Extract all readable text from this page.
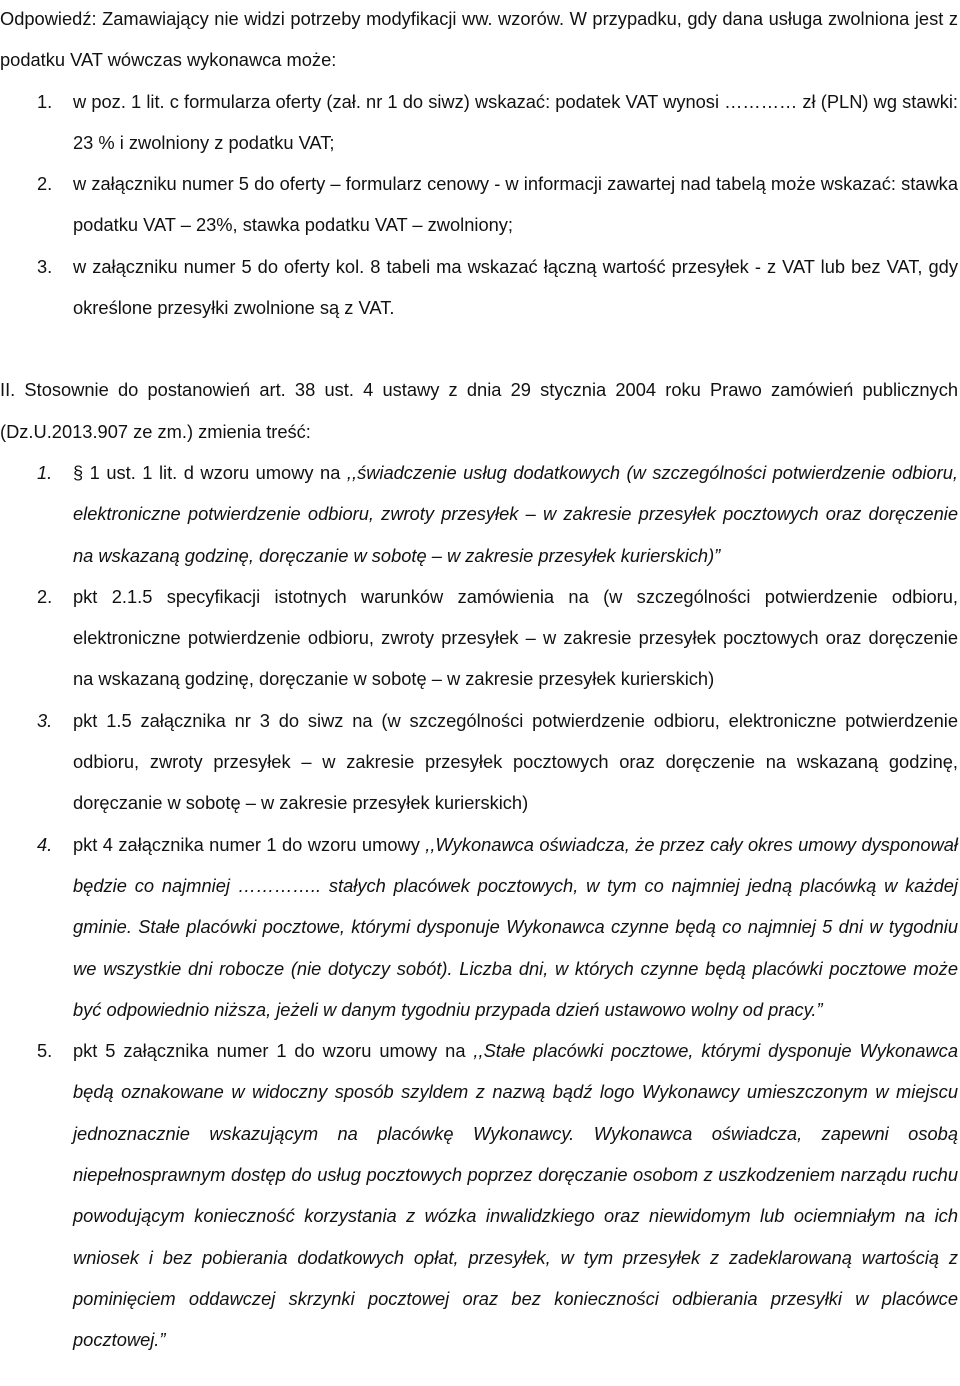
Odpowiedź: Zamawiający nie widzi potrzeby modyfikacji ww. wzorów. W przypadku, gdy dana usługa zwolniona jest z podatku VAT wówczas wykonawca może:

1. w poz. 1 lit. c formularza oferty (zał. nr 1 do siwz) wskazać: podatek VAT wynosi ………… zł (PLN) wg stawki: 23 % i zwolniony z podatku VAT;

2. w załączniku numer 5 do oferty – formularz cenowy - w informacji zawartej nad tabelą może wskazać: stawka podatku VAT – 23%, stawka podatku VAT – zwolniony;

3. w załączniku numer 5 do oferty kol. 8 tabeli ma wskazać łączną wartość przesyłek - z VAT lub bez VAT, gdy określone przesyłki zwolnione są z VAT.

II. Stosownie do postanowień art. 38 ust. 4 ustawy z dnia 29 stycznia 2004 roku Prawo zamówień publicznych (Dz.U.2013.907 ze zm.) zmienia treść:

1. § 1 ust. 1 lit. d wzoru umowy na ,,świadczenie usług dodatkowych (w szczególności potwierdzenie odbioru, elektroniczne potwierdzenie odbioru, zwroty przesyłek – w zakresie przesyłek pocztowych oraz doręczenie na wskazaną godzinę, doręczanie w sobotę – w zakresie przesyłek kurierskich)”

2. pkt 2.1.5 specyfikacji istotnych warunków zamówienia na (w szczególności potwierdzenie odbioru, elektroniczne potwierdzenie odbioru, zwroty przesyłek – w zakresie przesyłek pocztowych oraz doręczenie na wskazaną godzinę, doręczanie w sobotę – w zakresie przesyłek kurierskich)

3. pkt 1.5 załącznika nr 3 do siwz na (w szczególności potwierdzenie odbioru, elektroniczne potwierdzenie odbioru, zwroty przesyłek – w zakresie przesyłek pocztowych oraz doręczenie na wskazaną godzinę, doręczanie w sobotę – w zakresie przesyłek kurierskich)

4. pkt 4 załącznika numer 1 do wzoru umowy ,,Wykonawca oświadcza, że przez cały okres umowy dysponował będzie co najmniej ………….. stałych placówek pocztowych, w tym co najmniej jedną placówką w każdej gminie. Stałe placówki pocztowe, którymi dysponuje Wykonawca czynne będą co najmniej 5 dni w tygodniu we wszystkie dni robocze (nie dotyczy sobót). Liczba dni, w których czynne będą placówki pocztowe może być odpowiednio niższa, jeżeli w danym tygodniu przypada dzień ustawowo wolny od pracy.”

5. pkt 5 załącznika numer 1 do wzoru umowy na ,,Stałe placówki pocztowe, którymi dysponuje Wykonawca będą oznakowane w widoczny sposób szyldem z nazwą bądź logo Wykonawcy umieszczonym w miejscu jednoznacznie wskazującym na placówkę Wykonawcy. Wykonawca oświadcza, zapewni osobą niepełnosprawnym dostęp do usług pocztowych poprzez doręczanie osobom z uszkodzeniem narządu ruchu powodującym konieczność korzystania z wózka inwalidzkiego oraz niewidomym lub ociemniałym na ich wniosek i bez pobierania dodatkowych opłat, przesyłek, w tym przesyłek z zadeklarowaną wartością z pominięciem oddawczej skrzynki pocztowej oraz bez konieczności odbierania przesyłki w placówce pocztowej.”
